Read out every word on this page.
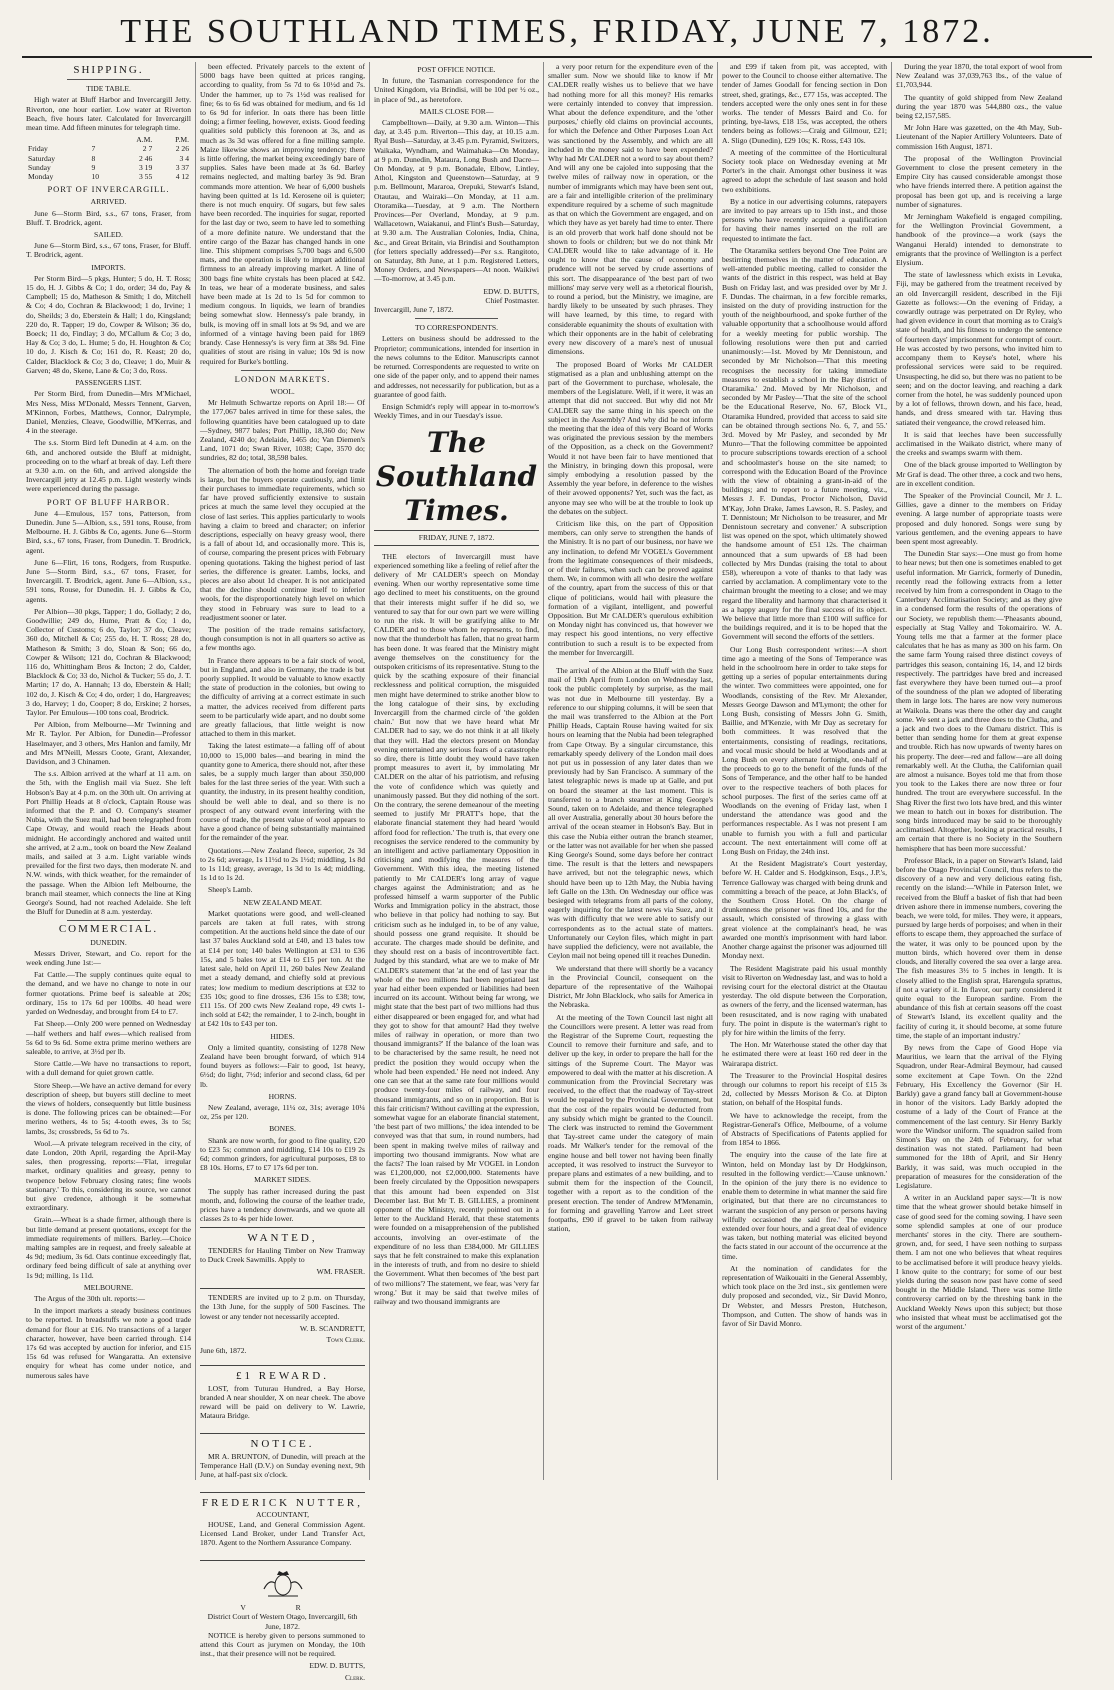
THE SOUTHLAND TIMES, FRIDAY, JUNE 7, 1872.
SHIPPING.
TIDE TABLE.

High water at Bluff Harbor and Invercargill Jetty. Riverton, one hour earlier. Low water at Riverton Beach, five hours later. Calculated for Invercargill mean time. Add fifteen minutes for telegraph time.

		A.M.	P.M.
Friday	7	2 7	2 26
Saturday	8	2 46	3 4
Sunday	9	3 19	3 37
Monday	10	3 55	4 12
PORT OF INVERCARGILL.
ARRIVED.

June 6—Storm Bird, s.s., 67 tons, Fraser, from Bluff. T. Brodrick, agent.

SAILED.

June 6—Storm Bird, s.s., 67 tons, Fraser, for Bluff. T. Brodrick, agent.

IMPORTS.

Per Storm Bird—5 pkgs, Hunter; 5 do, H. T. Ross; 15 do, H. J. Gibbs & Co; 1 do, order; 34 do, Pay & Campbell; 15 do, Matheson & Smith; 1 do, Mitchell & Co; 4 do, Cochran & Blackwood; 1 do, Irvine; 1 do, Sheilds; 3 do, Eberstein & Hall; 1 do, Kingsland; 220 do, R. Tapper; 19 do, Cowper & Wilson; 36 do, Boeck; 11 do, Findlay; 3 do, M'Callum & Co; 3 do, Hay & Co; 3 do, L. Hume; 5 do, H. Houghton & Co; 10 do, J. Kisch & Co; 161 do, R. Keast; 20 do, Calder, Blacklock & Co; 3 do, Cleave; 1 do, Muir & Garven; 48 do, Skene, Lane & Co; 3 do, Ross.

PASSENGERS LIST.

Per Storm Bird, from Dunedin—Mrs M'Michael, Mrs Ness, Miss M'Donald, Messrs Tennent, Garven, M'Kinnon, Forbes, Matthews, Connor, Dalrymple, Daniel, Menzies, Cleave, Goodwillie, M'Kerras, and 4 in the steerage.

The s.s. Storm Bird left Dunedin at 4 a.m. on the 6th, and anchored outside the Bluff at midnight, proceeding on to the wharf at break of day. Left there at 9.30 a.m. on the 6th, and arrived alongside the Invercargill jetty at 12.45 p.m. Light westerly winds were experienced during the passage.

PORT OF BLUFF HARBOR.

June 4—Emulous, 157 tons, Patterson, from Dunedin. June 5—Albion, s.s., 591 tons, Rouse, from Melbourne. H. J. Gibbs & Co, agents. June 6—Storm Bird, s.s., 67 tons, Fraser, from Dunedin. T. Brodrick, agent.

June 6—Flirt, 16 tons, Rodgers, from Rusputke. June 5—Storm Bird, s.s., 67 tons, Fraser, for Invercargill. T. Brodrick, agent. June 6—Albion, s.s., 591 tons, Rouse, for Dunedin. H. J. Gibbs & Co, agents.

Per Albion—30 pkgs, Tapper; 1 do, Gollady; 2 do, Goodwillie; 249 do, Hume, Pratt & Co; 1 do, Collector of Customs; 6 do, Taylor; 37 do, Cleave; 360 do, Mitchell & Co; 255 do, H. T. Ross; 28 do, Matheson & Smith; 3 do, Sloan & Son; 66 do, Cowper & Wilson; 121 do, Cochran & Blackwood; 116 do, Whittingham Bros & Incton; 2 do, Calder, Blacklock & Co; 33 do, Nichol & Tucker; 55 do, J. T. Martin; 17 do, A. Hannah; 13 do, Eberstein & Hall; 102 do, J. Kisch & Co; 4 do, order; 1 do, Hargreaves; 3 do, Harvey; 1 do, Cooper; 8 do, Erskine; 2 horses, Taylor. Per Emulous—100 tons coal, Brodrick.

Per Albion, from Melbourne—Mr Twinning and Mr R. Taylor. Per Albion, for Dunedin—Professor Haselmayer, and 3 others, Mrs Hanlon and family, Mr and Mrs M'Neill, Messrs Coote, Grant, Alexander, Davidson, and 3 Chinamen.

The s.s. Albion arrived at the wharf at 11 a.m. on the 5th, with the English mail via Suez. She left Hobson's Bay at 4 p.m. on the 30th ult. On arriving at Port Phillip Heads at 8 o'clock, Captain Rouse was informed that the P. and O. Company's steamer Nubia, with the Suez mail, had been telegraphed from Cape Otway, and would reach the Heads about midnight. He accordingly anchored and waited until she arrived, at 2 a.m., took on board the New Zealand mails, and sailed at 3 a.m. Light variable winds prevailed for the first two days, then moderate N. and N.W. winds, with thick weather, for the remainder of the passage. When the Albion left Melbourne, the branch mail steamer, which connects the line at King George's Sound, had not reached Adelaide. She left the Bluff for Dunedin at 8 a.m. yesterday.

COMMERCIAL.
DUNEDIN.

Messrs Driver, Stewart, and Co. report for the week ending June 1st:—

Fat Cattle.—The supply continues quite equal to the demand, and we have no change to note in our former quotations. Prime beef is saleable at 20s; ordinary, 15s to 17s 6d per 100lbs. 40 head were yarded on Wednesday, and brought from £4 to £7.

Fat Sheep.—Only 200 were penned on Wednesday—half wethers and half ewes—which realised from 5s 6d to 9s 6d. Some extra prime merino wethers are saleable, to arrive, at 3½d per lb.

Store Cattle.—We have no transactions to report, with a dull demand for quiet grown cattle.

Store Sheep.—We have an active demand for every description of sheep, but buyers still decline to meet the views of holders, consequently but little business is done. The following prices can be obtained:—For merino wethers, 4s to 5s; 4-tooth ewes, 3s to 5s; lambs, 3s; crossbreds, 5s 6d to 7s.

Wool.—A private telegram received in the city, of date London, 20th April, regarding the April-May sales, then progressing, reports:—'Flat, irregular market, ordinary qualities and greasy, penny to twopence below February closing rates; fine wools stationary.' To this, considering its source, we cannot but give credence, although it be somewhat extraordinary.

Grain.—Wheat is a shade firmer, although there is but little demand at present quotations, except for the immediate requirements of millers. Barley.—Choice malting samples are in request, and freely saleable at 4s 9d; medium, 3s 6d. Oats continue exceedingly flat, ordinary feed being difficult of sale at anything over 1s 9d; milling, 1s 11d.

MELBOURNE.

The Argus of the 30th ult. reports:—

In the import markets a steady business continues to be reported. In breadstuffs we note a good trade demand for flour at £16. No transactions of a larger character, however, have been carried through. £14 17s 6d was accepted by auction for inferior, and £15 15s 6d was refused for Wangaratta. An extensive enquiry for wheat has come under notice, and numerous sales have

been effected. Privately parcels to the extent of 5000 bags have been quitted at prices ranging, according to quality, from 5s 7d to 6s 10½d and 7s. Under the hammer, up to 7s 1½d was realised for fine; 6s to 6s 6d was obtained for medium, and 6s 1d to 6s 9d for inferior. In oats there has been little doing; a firmer feeling, however, exists. Good feeding qualities sold publicly this forenoon at 3s, and as much as 3s 3d was offered for a fine milling sample. Maize likewise shows an improving tendency; there is little offering, the market being exceedingly bare of supplies. Sales have been made at 3s 6d. Barley remains neglected, and malting barley 3s 9d. Bran commands more attention. We hear of 6,000 bushels having been quitted at 1s 1d. Kerosene oil is quieter; there is not much enquiry. Of sugars, but few sales have been recorded. The inquiries for sugar, reported for the last day or two, seem to have led to something of a more definite nature. We understand that the entire cargo of the Bazar has changed hands in one line. This shipment comprises 5,700 bags and 6,500 mats, and the operation is likely to impart additional firmness to an already improving market. A line of 300 bags fine white crystals has been placed at £42. In teas, we hear of a moderate business, and sales have been made at 1s 2d to 1s 5d for common to medium congous. In liquids, we learn of brandies being somewhat slow. Hennessy's pale brandy, in bulk, is moving off in small lots at 9s 9d, and we are informed of a vintage having been paid for 1869 brandy. Case Hennessy's is very firm at 38s 9d. Fine qualities of stout are rising in value; 10s 9d is now required for Burke's bottling.

LONDON MARKETS.
WOOL.

Mr Helmuth Schwartze reports on April 18:— Of the 177,067 bales arrived in time for these sales, the following quantities have been catalogued up to date—Sydney, 9877 bales; Port Phillip, 18,360 do; New Zealand, 4240 do; Adelaide, 1465 do; Van Diemen's Land, 1071 do; Swan River, 1038; Cape, 3570 do; sundries, 82 do; total, 38,598 bales.

The alternation of both the home and foreign trade is large, but the buyers operate cautiously, and limit their purchases to immediate requirements, which so far have proved sufficiently extensive to sustain prices at much the same level they occupied at the close of last series. This applies particularly to wools having a claim to breed and character; on inferior descriptions, especially on heavy greasy wool, there is a fall of about 1d, and occasionally more. This is, of course, comparing the present prices with February opening quotations. Taking the highest period of last series, the difference is greater. Lambs, locks, and pieces are also about 1d cheaper. It is not anticipated that the decline should continue itself to inferior wools, for the disproportionately high level on which they stood in February was sure to lead to a readjustment sooner or later.

The position of the trade remains satisfactory, though consumption is not in all quarters so active as a few months ago.

In France there appears to be a fair stock of wool, but in England, and also in Germany, the trade is but poorly supplied. It would be valuable to know exactly the state of production in the colonies, but owing to the difficulty of arriving at a correct estimate in such a matter, the advices received from different parts seem to be particularly wide apart, and no doubt some are greatly fallacious, that little weight is now attached to them in this market.

Taking the latest estimate—a falling off of about 10,000 to 15,000 bales—and bearing in mind the quantity gone to America, there should not, after these sales, be a supply much larger than about 350,000 bales for the last three series of the year. With such a quantity, the industry, in its present healthy condition, should be well able to deal, and so there is no prospect of any outward event interfering with the course of trade, the present value of wool appears to have a good chance of being substantially maintained for the remainder of the year.

Quotations.—New Zealand fleece, superior, 2s 3d to 2s 6d; average, 1s 11½d to 2s 1½d; middling, 1s 8d to 1s 11d; greasy, average, 1s 3d to 1s 4d; middling, 1s 1d to 1s 2d.

Sheep's Lamb.

NEW ZEALAND MEAT.

Market quotations were good, and well-cleaned parcels are taken at full rates, with strong competition. At the auctions held since the date of our last 37 bales Auckland sold at £40, and 13 bales tow at £14 per ton; 140 bales Wellington at £31 to £36 15s, and 5 bales tow at £14 to £15 per ton. At the latest sale, held on April 11, 260 bales New Zealand met a steady demand, and chiefly sold at previous rates; low medium to medium descriptions at £32 to £35 10s; good to fine drosses, £36 15s to £38; tow, £11 15s. Of 200 cwts New Zealand rope, 49 cwts 1-inch sold at £42; the remainder, 1 to 2-inch, bought in at £42 10s to £43 per ton.

HIDES.

Only a limited quantity, consisting of 1278 New Zealand have been brought forward, of which 914 found buyers as follows:—Fair to good, 1st heavy, 6½d; do light, 7½d; inferior and second class, 6d per lb.

HORNS.

New Zealand, average, 11¼ oz, 31s; average 10¼ oz, 25s per 120.

BONES.

Shank are now worth, for good to fine quality, £20 to £23 5s; common and middling, £14 10s to £19 2s 6d; common grinders, for agricultural purposes, £8 to £8 10s. Horns, £7 to £7 17s 6d per ton.

MARKET SIDES.

The supply has rather increased during the past month, and, following the course of the leather trade, prices have a tendency downwards, and we quote all classes 2s to 4s per hide lower.

WANTED,

TENDERS for Hauling Timber on New Tramway to Duck Creek Sawmills. Apply to

WM. FRASER.

TENDERS are invited up to 2 p.m. on Thursday, the 13th June, for the supply of 500 Fascines. The lowest or any tender not necessarily accepted.

W. B. SCANDRETT,
Town Clerk.
June 6th, 1872.
£1 REWARD.

LOST, from Tuturau Hundred, a Bay Horse, branded A near shoulder, X on near cheek. The above reward will be paid on delivery to W. Lawrie, Mataura Bridge.

NOTICE.

MR A. BRUNTON, of Dunedin, will preach at the Temperance Hall (D.V.) on Sunday evening next, 9th June, at half-past six o'clock.

FREDERICK NUTTER,
ACCOUNTANT,

HOUSE, Land, and General Commission Agent. Licensed Land Broker, under Land Transfer Act, 1870. Agent to the Northern Assurance Company.

V R
District Court of Western Otago, Invercargill, 6th June, 1872.

NOTICE is hereby given to persons summoned to attend this Court as jurymen on Monday, the 10th inst., that their presence will not be required.

EDW. D. BUTTS,
Clerk.
POST OFFICE NOTICE.

In future, the Tasmanian correspondence for the United Kingdom, via Brindisi, will be 10d per ½ oz., in place of 9d., as heretofore.

MAILS CLOSE FOR—

Campbelltown—Daily, at 9.30 a.m. Winton—This day, at 3.45 p.m. Riverton—This day, at 10.15 a.m. Ryal Bush—Saturday, at 3.45 p.m. Pyramid, Switzers, Waikaka, Wyndham, and Waimahaka—On Monday, at 9 p.m. Dunedin, Mataura, Long Bush and Dacre—On Monday, at 9 p.m. Bonadale, Elbow, Lintley, Athol, Kingston and Queenstown—Saturday, at 9 p.m. Bellmount, Mararoa, Orepuki, Stewart's Island, Otautau, and Wairaki—On Monday, at 11 a.m. Otoramika—Tuesday, at 9 a.m. The Northern Provinces—Per Overland, Monday, at 9 p.m. Wallacetown, Waiakanui, and Flint's Bush—Saturday, at 9.30 a.m. The Australian Colonies, India, China, &c., and Great Britain, via Brindisi and Southampton (for letters specially addressed)—Per s.s. Rangitoto, on Saturday, 8th June, at 1 p.m. Registered Letters, Money Orders, and Newspapers—At noon. Waikiwi—To-morrow, at 3.45 p.m.

EDW. D. BUTTS,
Chief Postmaster.
Invercargill, June 7, 1872.
TO CORRESPONDENTS.

Letters on business should be addressed to the Proprietor; communications, intended for insertion in the news columns to the Editor. Manuscripts cannot be returned. Correspondents are requested to write on one side of the paper only, and to append their names and addresses, not necessarily for publication, but as a guarantee of good faith.

Ensign Schmidt's reply will appear in to-morrow's Weekly Times, and in our Tuesday's issue.

The Southland Times.
FRIDAY, JUNE 7, 1872.

THE electors of Invercargill must have experienced something like a feeling of relief after the delivery of Mr CALDER's speech on Monday evening. When our worthy representative some time ago declined to meet his constituents, on the ground that their interests might suffer if he did so, we ventured to say that for our own part we were willing to run the risk. It will be gratifying alike to Mr CALDER and to those whom he represents, to find, now that the thunderbolt has fallen, that no great harm has been done. It was feared that the Ministry might avenge themselves on the constituency for the outspoken criticisms of its representative. Stung to the quick by the scathing exposure of their financial recklessness and political corruption, the misguided men might have determined to strike another blow to the long catalogue of their sins, by excluding Invercargill from the charmed circle of 'the golden chain.' But now that we have heard what Mr CALDER had to say, we do not think it at all likely that they will. Had the electors present on Monday evening entertained any serious fears of a catastrophe so dire, there is little doubt they would have taken prompt measures to avert it, by immolating Mr CALDER on the altar of his patriotism, and refusing the vote of confidence which was quietly and unanimously passed. But they did nothing of the sort. On the contrary, the serene demeanour of the meeting seemed to justify Mr PRATT's hope, that the elaborate financial statement they had heard 'would afford food for reflection.' The truth is, that every one recognises the service rendered to the community by an intelligent and active parliamentary Opposition in criticising and modifying the measures of the Government. With this idea, the meeting listened patiently to Mr CALDER's long array of vague charges against the Administration; and as he professed himself a warm supporter of the Public Works and Immigration policy in the abstract, those who believe in that policy had nothing to say. But criticism such as he indulged in, to be of any value, should possess one grand requisite. It should be accurate. The charges made should be definite, and they should rest on a basis of incontrovertible fact. Judged by this standard, what are we to make of Mr CALDER's statement that 'at the end of last year the whole of the two millions had been negotiated last year had either been expended or liabilities had been incurred on its account. Without being far wrong, we might state that the best part of two millions had thus either disappeared or been engaged for, and what had they got to show for that amount? Had they twelve miles of railway in operation, or more than two thousand immigrants?' If the balance of the loan was to be characterised by the same result, he need not predict the position they would occupy when the whole had been expended.' He need not indeed. Any one can see that at the same rate four millions would produce twenty-four miles of railway, and four thousand immigrants, and so on in proportion. But is this fair criticism? Without cavilling at the expression, somewhat vague for an elaborate financial statement, 'the best part of two millions,' the idea intended to be conveyed was that that sum, in round numbers, had been spent in making twelve miles of railway and importing two thousand immigrants. Now what are the facts? The loan raised by Mr VOGEL in London was £1,200,000, not £2,000,000. Statements have been freely circulated by the Opposition newspapers that this amount had been expended on 31st December last. But Mr T. B. GILLIES, a prominent opponent of the Ministry, recently pointed out in a letter to the Auckland Herald, that these statements were founded on a misapprehension of the published accounts, involving an over-estimate of the expenditure of no less than £384,000. Mr GILLIES says that he felt constrained to make this explanation in the interests of truth, and from no desire to shield the Government. What then becomes of 'the best part of two millions'? The statement, we fear, was 'very far wrong.' But it may be said that twelve miles of railway and two thousand immigrants are

a very poor return for the expenditure even of the smaller sum. Now we should like to know if Mr CALDER really wishes us to believe that we have had nothing more for all this money? His remarks were certainly intended to convey that impression. What about the defence expenditure, and the 'other purposes,' chiefly old claims on provincial accounts, for which the Defence and Other Purposes Loan Act was sanctioned by the Assembly, and which are all included in the money said to have been expended? Why had Mr CALDER not a word to say about them? And will any one be cajoled into supposing that the twelve miles of railway now in operation, or the number of immigrants which may have been sent out, are a fair and intelligible criterion of the preliminary expenditure required by a scheme of such magnitude as that on which the Government are engaged, and on which they have as yet barely had time to enter. There is an old proverb that work half done should not be shown to fools or children; but we do not think Mr CALDER would like to take advantage of it. He ought to know that the cause of economy and prudence will not be served by crude assertions of this sort. The disappearance of 'the best part of two millions' may serve very well as a rhetorical flourish, to round a period, but the Ministry, we imagine, are hardly likely to be unseated by such phrases. They will have learned, by this time, to regard with considerable equanimity the shouts of exultation with which their opponents are in the habit of celebrating every new discovery of a mare's nest of unusual dimensions.

The proposed Board of Works Mr CALDER stigmatised as a plan and unblushing attempt on the part of the Government to purchase, wholesale, the members of the Legislature. Well, if it were, it was an attempt that did not succeed. But why did not Mr CALDER say the same thing in his speech on the subject in the Assembly? And why did he not inform the meeting that the idea of this very Board of Works was originated the previous session by the members of the Opposition, as a check on the Government? Would it not have been fair to have mentioned that the Ministry, in bringing down this proposal, were simply embodying a resolution passed by the Assembly the year before, in deference to the wishes of their avowed opponents? Yet, such was the fact, as anyone may see who will be at the trouble to look up the debates on the subject.

Criticism like this, on the part of Opposition members, can only serve to strengthen the hands of the Ministry. It is no part of our business, nor have we any inclination, to defend Mr VOGEL's Government from the legitimate consequences of their misdeeds, or of their failures, when such can be proved against them. We, in common with all who desire the welfare of the country, apart from the success of this or that clique of politicians, would hail with pleasure the formation of a vigilant, intelligent, and powerful Opposition. But Mr CALDER's querulous exhibition on Monday night has convinced us, that however we may respect his good intentions, no very effective contribution to such a result is to be expected from the member for Invercargill.

The arrival of the Albion at the Bluff with the Suez mail of 19th April from London on Wednesday last, took the public completely by surprise, as the mail was not due in Melbourne till yesterday. By a reference to our shipping columns, it will be seen that the mail was transferred to the Albion at the Port Phillip Heads, Captain Rouse having waited for six hours on learning that the Nubia had been telegraphed from Cape Otway. By a singular circumstance, this remarkably speedy delivery of the London mail does not put us in possession of any later dates than we previously had by San Francisco. A summary of the latest telegraphic news is made up at Galle, and put on board the steamer at the last moment. This is transferred to a branch steamer at King George's Sound, taken on to Adelaide, and thence telegraphed all over Australia, generally about 30 hours before the arrival of the ocean steamer in Hobson's Bay. But in this case the Nubia either outran the branch steamer, or the latter was not available for her when she passed King George's Sound, some days before her contract time. The result is that the letters and newspapers have arrived, but not the telegraphic news, which should have been up to 12th May, the Nubia having left Galle on the 13th. On Wednesday our office was besieged with telegrams from all parts of the colony, eagerly inquiring for the latest news via Suez, and it was with difficulty that we were able to satisfy our correspondents as to the actual state of matters. Unfortunately our Ceylon files, which might in part have supplied the deficiency, were not available, the Ceylon mail not being opened till it reaches Dunedin.

We understand that there will shortly be a vacancy in the Provincial Council, consequent on the departure of the representative of the Waihopai District, Mr John Blacklock, who sails for America in the Nebraska.

At the meeting of the Town Council last night all the Councillors were present. A letter was read from the Registrar of the Supreme Court, requesting the Council to remove their furniture and safe, and to deliver up the key, in order to prepare the hall for the sittings of the Supreme Court. The Mayor was empowered to deal with the matter at his discretion. A communication from the Provincial Secretary was received, to the effect that the roadway of Tay-street would be repaired by the Provincial Government, but that the cost of the repairs would be deducted from any subsidy which might be granted to the Council. The clerk was instructed to remind the Government that Tay-street came under the category of main roads. Mr Walker's tender for the removal of the engine house and bell tower not having been finally accepted, it was resolved to instruct the Surveyor to prepare plans and estimates of a new building, and to submit them for the inspection of the Council, together with a report as to the condition of the present erection. The tender of Andrew M'Menamin, for forming and gravelling Yarrow and Leet street footpaths, £90 if gravel to be taken from railway station,

and £99 if taken from pit, was accepted, with power to the Council to choose either alternative. The tender of James Goodall for fencing section in Don street, shed, gratings, &c., £77 15s, was accepted. The tenders accepted were the only ones sent in for these works. The tender of Messrs Baird and Co. for printing, bye-laws, £18 15s, was accepted, the others tenders being as follows:—Craig and Gilmour, £21; A. Sligo (Dunedin), £29 10s; K. Ross, £43 10s.

A meeting of the committee of the Horticultural Society took place on Wednesday evening at Mr Porter's in the chair. Amongst other business it was agreed to adopt the schedule of last season and hold two exhibitions.

By a notice in our advertising columns, ratepayers are invited to pay arrears up to 15th inst., and those persons who have recently acquired a qualification for having their names inserted on the roll are requested to intimate the fact.

The Otaramika settlers beyond One Tree Point are bestirring themselves in the matter of education. A well-attended public meeting, called to consider the wants of the district in this respect, was held at Bay Bush on Friday last, and was presided over by Mr J. F. Dundas. The chairman, in a few forcible remarks, insisted on the duty of providing instruction for the youth of the neighbourhood, and spoke further of the valuable opportunity that a schoolhouse would afford for a weekly meeting for public worship. The following resolutions were then put and carried unanimously:—1st. Moved by Mr Dennistoun, and seconded by Mr Nicholson—'That this meeting recognises the necessity for taking immediate measures to establish a school in the Bay district of Otaramika.' 2nd. Moved by Mr Nicholson, and seconded by Mr Pasley—'That the site of the school be the Educational Reserve, No. 67, Block VI., Otaramika Hundred, provided that access to said site can be obtained through sections No. 6, 7, and 55.' 3rd. Moved by Mr Pasley, and seconded by Mr Munro—'That the following committee be appointed to procure subscriptions towards erection of a school and schoolmaster's house on the site named; to correspond with the Education Board of the Province with the view of obtaining a grant-in-aid of the buildings; and to report to a future meeting, viz., Messrs J. F. Dundas, Proctor Nicholson, David M'Kay, John Drake, James Lawson, R. S. Pasley, and T. Dennistoun; Mr Nicholson to be treasurer, and Mr Dennistoun secretary and convener.' A subscription list was opened on the spot, which ultimately showed the handsome amount of £51 12s. The chairman announced that a sum upwards of £8 had been collected by Mrs Dundas (raising the total to about £58), whereupon a vote of thanks to that lady was carried by acclamation. A complimentary vote to the chairman brought the meeting to a close; and we may regard the liberality and harmony that characterised it as a happy augury for the final success of its object. We believe that little more than £100 will suffice for the buildings required, and it is to be hoped that the Government will second the efforts of the settlers.

Our Long Bush correspondent writes:—A short time ago a meeting of the Sons of Temperance was held in the schoolroom here in order to take steps for getting up a series of popular entertainments during the winter. Two committees were appointed, one for Woodlands, consisting of the Rev. Mr Alexander, Messrs George Dawson and M'Lymont; the other for Long Bush, consisting of Messrs John G. Smith, Baillie, and M'Kenzie, with Mr Day as secretary for both committees. It was resolved that the entertainments, consisting of readings, recitations, and vocal music should be held at Woodlands and at Long Bush on every alternate fortnight, one-half of the proceeds to go to the benefit of the funds of the Sons of Temperance, and the other half to be handed over to the respective teachers of both places for school purposes. The first of the series came off at Woodlands on the evening of Friday last, when I understand the attendance was good and the performances respectable. As I was not present I am unable to furnish you with a full and particular account. The next entertainment will come off at Long Bush on Friday, the 24th inst.

At the Resident Magistrate's Court yesterday, before W. H. Calder and S. Hodgkinson, Esqs., J.P.'s, Terrence Galloway was charged with being drunk and committing a breach of the peace, at John Black's, of the Southern Cross Hotel. On the charge of drunkenness the prisoner was fined 10s, and for the assault, which consisted of throwing a glass with great violence at the complainant's head, he was awarded one month's imprisonment with hard labor. Another charge against the prisoner was adjourned till Monday next.

The Resident Magistrate paid his usual monthly visit to Riverton on Wednesday last, and was to hold a revising court for the electoral district at the Otautau yesterday. The old dispute between the Corporation, as owners of the ferry, and the licensed waterman, has been resuscitated, and is now raging with unabated fury. The point in dispute is the waterman's right to ply for hire within the limits of the ferry.

The Hon. Mr Waterhouse stated the other day that he estimated there were at least 160 red deer in the Wairarapa district.

The Treasurer to the Provincial Hospital desires through our columns to report his receipt of £15 3s 2d, collected by Messrs Morison & Co. at Dipton station, on behalf of the Hospital funds.

We have to acknowledge the receipt, from the Registrar-General's Office, Melbourne, of a volume of Abstracts of Specifications of Patents applied for from 1854 to 1866.

The enquiry into the cause of the late fire at Winton, held on Monday last by Dr Hodgkinson, resulted in the following verdict:—'Cause unknown.' In the opinion of the jury there is no evidence to enable them to determine in what manner the said fire originated, but that there are no circumstances to warrant the suspicion of any person or persons having wilfully occasioned the said fire.' The enquiry extended over four hours, and a great deal of evidence was taken, but nothing material was elicited beyond the facts stated in our account of the occurrence at the time.

At the nomination of candidates for the representation of Waikouaiti in the General Assembly, which took place on the 3rd inst., six gentlemen were duly proposed and seconded, viz., Sir David Monro, Dr Webster, and Messrs Preston, Hutcheson, Thompson, and Cutten. The show of hands was in favor of Sir David Monro.

During the year 1870, the total export of wool from New Zealand was 37,039,763 lbs., of the value of £1,703,944.

The quantity of gold shipped from New Zealand during the year 1870 was 544,880 ozs., the value being £2,157,585.

Mr John Hare was gazetted, on the 4th May, Sub-Lieutenant of the Napier Artillery Volunteers. Date of commission 16th August, 1871.

The proposal of the Wellington Provincial Government to close the present cemetery in the Empire City has caused considerable amongst those who have friends interred there. A petition against the proposal has been got up, and is receiving a large number of signatures.

Mr Jerningham Wakefield is engaged compiling, for the Wellington Provincial Government, a handbook of the province—a work (says the Wanganui Herald) intended to demonstrate to emigrants that the province of Wellington is a perfect Elysium.

The state of lawlessness which exists in Levuka, Fiji, may be gathered from the treatment received by an old Invercargill resident, described in the Fiji Gazette as follows:—On the evening of Friday, a cowardly outrage was perpetrated on Dr Ryley, who had given evidence in court that morning as to Craig's state of health, and his fitness to undergo the sentence of fourteen days' imprisonment for contempt of court. He was accosted by two persons, who invited him to accompany them to Keyse's hotel, where his professional services were said to be required. Unsuspecting, he did so, but there was no patient to be seen; and on the doctor leaving, and reaching a dark corner from the hotel, he was suddenly pounced upon by a lot of fellows, thrown down, and his face, head, hands, and dress smeared with tar. Having thus satiated their vengeance, the crowd released him.

It is said that leeches have been successfully acclimatised in the Waikato district, where many of the creeks and swamps swarm with them.

One of the black grouse imported to Wellington by Mr Graf is dead. The other three, a cock and two hens, are in excellent condition.

The Speaker of the Provincial Council, Mr J. L. Gillies, gave a dinner to the members on Friday evening. A large number of appropriate toasts were proposed and duly honored. Songs were sung by various gentlemen, and the evening appears to have been spent most agreeably.

The Dunedin Star says:—One must go from home to hear news; but then one is sometimes enabled to get useful information. Mr Garrick, formerly of Dunedin, recently read the following extracts from a letter received by him from a correspondent in Otago to the Canterbury Acclimatisation Society; and as they give in a condensed form the results of the operations of our Society, we republish them:—'Pheasants abound, especially at Stag Valley and Tokomairiro. W. A. Young tells me that a farmer at the former place calculates that he has as many as 300 on his farm. On the same farm Young raised three distinct coveys of partridges this season, containing 16, 14, and 12 birds respectively. The partridges have bred and increased fast everywhere they have been turned out—a proof of the soundness of the plan we adopted of liberating them in large lots. The hares are now very numerous at Waikola. Deans was there the other day and caught some. We sent a jack and three does to the Clutha, and a jack and two does to the Oamaru district. This is better than sending home for them at great expense and trouble. Rich has now upwards of twenty hares on his property. The deer—red and fallow—are all doing remarkably well. At the Clutha, the Californian quail are almost a nuisance. Boyes told me that from those you took to the Lakes there are now three or four hundred. The trout are everywhere successful. In the Shag River the first two lots have bred, and this winter we mean to hatch out in boxes for distribution. The song birds introduced may be said to be thoroughly acclimatised. Altogether, looking at practical results, I am certain that there is no Society in the Southern hemisphere that has been more successful.'

Professor Black, in a paper on Stewart's Island, laid before the Otago Provincial Council, thus refers to the discovery of a new and very delicious eating fish, recently on the island:—'While in Paterson Inlet, we received from the Bluff a basket of fish that had been driven ashore there in immense numbers, covering the beach, we were told, for miles. They were, it appears, pursued by large herds of porpoises; and when in their efforts to escape them, they approached the surface of the water, it was only to be pounced upon by the mutton birds, which hovered over them in dense clouds, and literally covered the sea over a large area. The fish measures 3½ to 5 inches in length. It is closely allied to the English sprat, Harengula sprattus, if not a variety of it. In flavor, our party considered it quite equal to the European sardine. From the abundance of this fish at certain seasons off the coast of Stewart's Island, its excellent quality and the facility of curing it, it should become, at some future time, the staple of an important industry.'

By news from the Cape of Good Hope via Mauritius, we learn that the arrival of the Flying Squadron, under Rear-Admiral Beymour, had caused some excitement at Cape Town. On the 22nd February, His Excellency the Governor (Sir H. Barkly) gave a grand fancy ball at Government-house in honor of the visitors. Lady Barkly adopted the costume of a lady of the Court of France at the commencement of the last century. Sir Henry Barkly wore the Windsor uniform. The squadron sailed from Simon's Bay on the 24th of February, for what destination was not stated. Parliament had been summoned for the 18th of April, and Sir Henry Barkly, it was said, was much occupied in the preparation of measures for the consideration of the Legislature.

A writer in an Auckland paper says:—'It is now time that the wheat grower should betake himself in case of good seed for the coming sowing. I have seen some splendid samples at one of our produce merchants' stores in the city. There are southern-grown, and, for seed, I have seen nothing to surpass them. I am not one who believes that wheat requires to be acclimatised before it will produce heavy yields. I know quite to the contrary; for some of our best yields during the season now past have come of seed bought in the Middle Island. There was some little controversy carried on by the threshing bank in the Auckland Weekly News upon this subject; but those who insisted that wheat must be acclimatised got the worst of the argument.'
